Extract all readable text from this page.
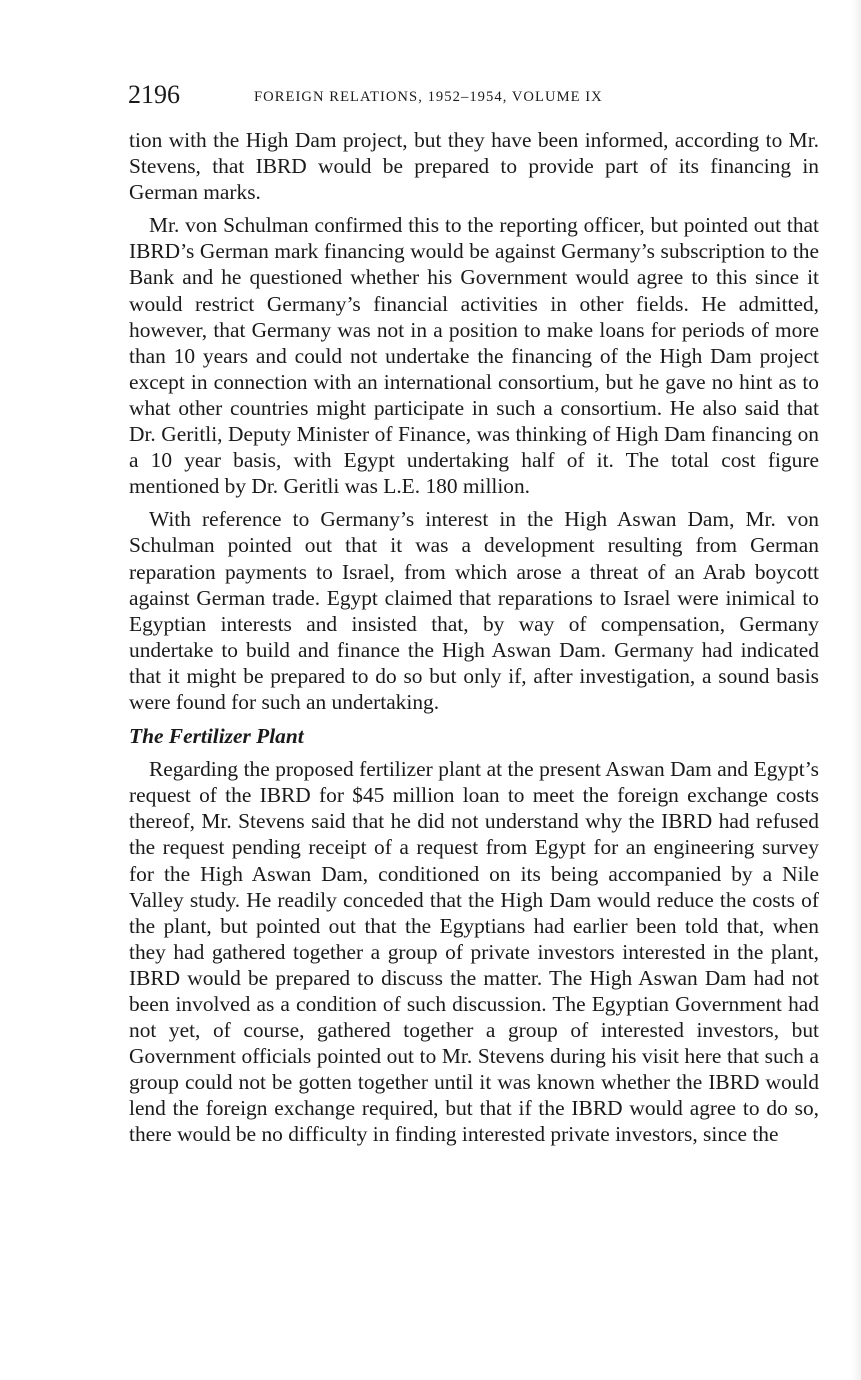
2196	FOREIGN RELATIONS, 1952–1954, VOLUME IX

tion with the High Dam project, but they have been informed, according to Mr. Stevens, that IBRD would be prepared to provide part of its financing in German marks.

Mr. von Schulman confirmed this to the reporting officer, but pointed out that IBRD’s German mark financing would be against Germany’s subscription to the Bank and he questioned whether his Government would agree to this since it would restrict Germany’s financial activities in other fields. He admitted, however, that Germany was not in a position to make loans for periods of more than 10 years and could not undertake the financing of the High Dam project except in connection with an international consortium, but he gave no hint as to what other countries might participate in such a consortium. He also said that Dr. Geritli, Deputy Minister of Finance, was thinking of High Dam financing on a 10 year basis, with Egypt undertaking half of it. The total cost figure mentioned by Dr. Geritli was L.E. 180 million.

With reference to Germany’s interest in the High Aswan Dam, Mr. von Schulman pointed out that it was a development resulting from German reparation payments to Israel, from which arose a threat of an Arab boycott against German trade. Egypt claimed that reparations to Israel were inimical to Egyptian interests and insisted that, by way of compensation, Germany undertake to build and finance the High Aswan Dam. Germany had indicated that it might be prepared to do so but only if, after investigation, a sound basis were found for such an undertaking.

The Fertilizer Plant

Regarding the proposed fertilizer plant at the present Aswan Dam and Egypt’s request of the IBRD for $45 million loan to meet the foreign exchange costs thereof, Mr. Stevens said that he did not understand why the IBRD had refused the request pending receipt of a request from Egypt for an engineering survey for the High Aswan Dam, conditioned on its being accompanied by a Nile Valley study. He readily conceded that the High Dam would reduce the costs of the plant, but pointed out that the Egyptians had earlier been told that, when they had gathered together a group of private investors interested in the plant, IBRD would be prepared to discuss the matter. The High Aswan Dam had not been involved as a condition of such discussion. The Egyptian Government had not yet, of course, gathered together a group of interested investors, but Government officials pointed out to Mr. Stevens during his visit here that such a group could not be gotten together until it was known whether the IBRD would lend the foreign exchange required, but that if the IBRD would agree to do so, there would be no difficulty in finding interested private investors, since the
